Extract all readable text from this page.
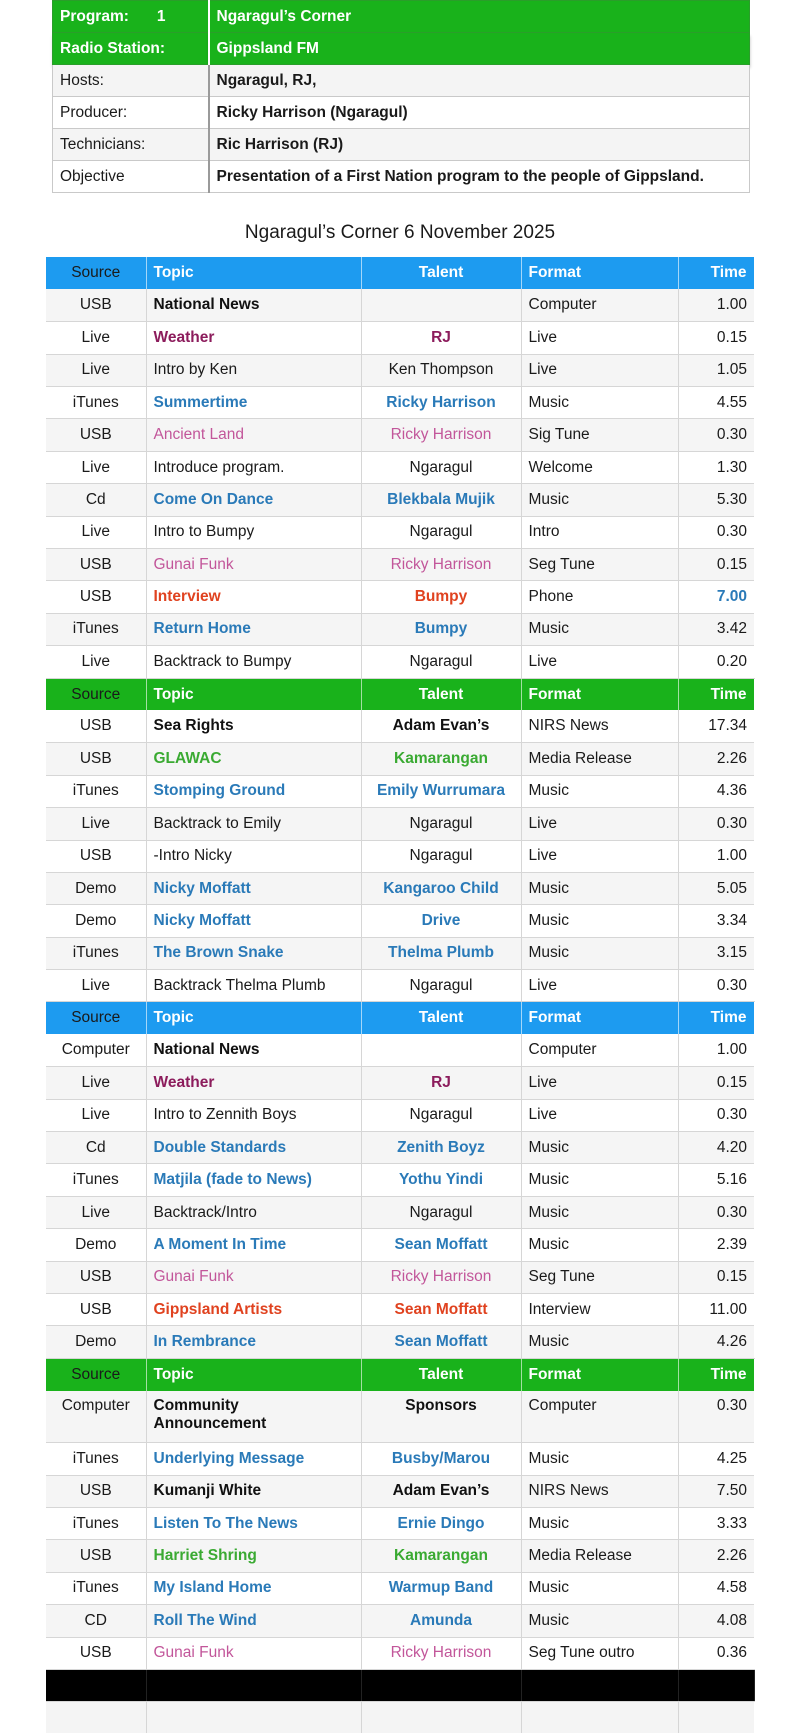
Program: 1	Ngaragul’s Corner
Radio Station:	Gippsland FM
Hosts:	Ngaragul, RJ,
Producer:	Ricky Harrison (Ngaragul)
Technicians:	Ric Harrison (RJ)
Objective	Presentation of a First Nation program to the people of Gippsland.
Ngaragul’s Corner 6 November 2025
Source	Topic	Talent	Format	Time
USB	National News		Computer	1.00
Live	Weather	RJ	Live	0.15
Live	Intro by Ken	Ken Thompson	Live	1.05
iTunes	Summertime	Ricky Harrison	Music	4.55
USB	Ancient Land	Ricky Harrison	Sig Tune	0.30
Live	Introduce program.	Ngaragul	Welcome	1.30
Cd	Come On Dance	Blekbala Mujik	Music	5.30
Live	Intro to Bumpy	Ngaragul	Intro	0.30
USB	Gunai Funk	Ricky Harrison	Seg Tune	0.15
USB	Interview	Bumpy	Phone	7.00
iTunes	Return Home	Bumpy	Music	3.42
Live	Backtrack to Bumpy	Ngaragul	Live	0.20
Source	Topic	Talent	Format	Time
USB	Sea Rights	Adam Evan’s	NIRS News	17.34
USB	GLAWAC	Kamarangan	Media Release	2.26
iTunes	Stomping Ground	Emily Wurrumara	Music	4.36
Live	Backtrack to Emily	Ngaragul	Live	0.30
USB	-Intro Nicky	Ngaragul	Live	1.00
Demo	Nicky Moffatt	Kangaroo Child	Music	5.05
Demo	Nicky Moffatt	Drive	Music	3.34
iTunes	The Brown Snake	Thelma Plumb	Music	3.15
Live	Backtrack Thelma Plumb	Ngaragul	Live	0.30
Source	Topic	Talent	Format	Time
Computer	National News		Computer	1.00
Live	Weather	RJ	Live	0.15
Live	Intro to Zennith Boys	Ngaragul	Live	0.30
Cd	Double Standards	Zenith Boyz	Music	4.20
iTunes	Matjila (fade to News)	Yothu Yindi	Music	5.16
Live	Backtrack/Intro	Ngaragul	Music	0.30
Demo	A Moment In Time	Sean Moffatt	Music	2.39
USB	Gunai Funk	Ricky Harrison	Seg Tune	0.15
USB	Gippsland Artists	Sean Moffatt	Interview	11.00
Demo	In Rembrance	Sean Moffatt	Music	4.26
Source	Topic	Talent	Format	Time
Computer	Community Announcement	Sponsors	Computer	0.30
iTunes	Underlying Message	Busby/Marou	Music	4.25
USB	Kumanji White	Adam Evan’s	NIRS News	7.50
iTunes	Listen To The News	Ernie Dingo	Music	3.33
USB	Harriet Shring	Kamarangan	Media Release	2.26
iTunes	My Island Home	Warmup Band	Music	4.58
CD	Roll The Wind	Amunda	Music	4.08
USB	Gunai Funk	Ricky Harrison	Seg Tune outro	0.36
